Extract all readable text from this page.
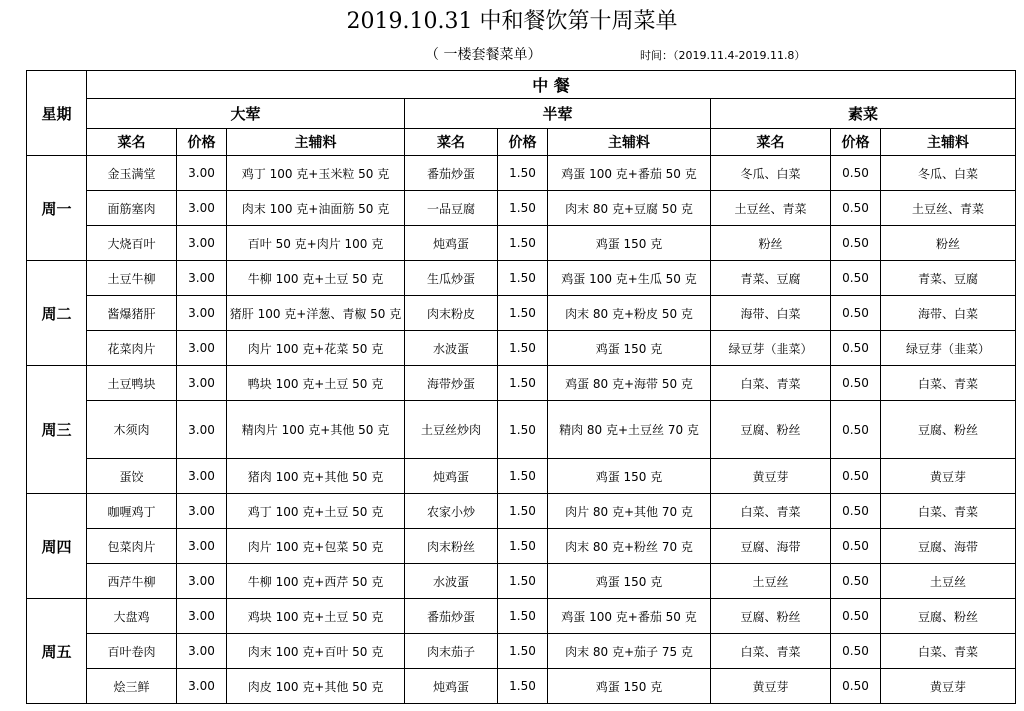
2019.10.31 中和餐饮第十周菜单
（ 一楼套餐菜单）	时间：（2019.11.4-2019.11.8）
星期	中 餐								
	大荤			半荤			素菜		
	菜名	价格	主辅料	菜名	价格	主辅料	菜名	价格	主辅料
周一	金玉满堂	3.00	鸡丁 100 克+玉米粒 50 克	番茄炒蛋	1.50	鸡蛋 100 克+番茄 50 克	冬瓜、白菜	0.50	冬瓜、白菜
	面筋塞肉	3.00	肉末 100 克+油面筋 50 克	一品豆腐	1.50	肉末 80 克+豆腐 50 克	土豆丝、青菜	0.50	土豆丝、青菜
	大烧百叶	3.00	百叶 50 克+肉片 100 克	炖鸡蛋	1.50	鸡蛋 150 克	粉丝	0.50	粉丝
周二	土豆牛柳	3.00	牛柳 100 克+土豆 50 克	生瓜炒蛋	1.50	鸡蛋 100 克+生瓜 50 克	青菜、豆腐	0.50	青菜、豆腐
	酱爆猪肝	3.00	猪肝 100 克+洋葱、青椒 50 克	肉末粉皮	1.50	肉末 80 克+粉皮 50 克	海带、白菜	0.50	海带、白菜
	花菜肉片	3.00	肉片 100 克+花菜 50 克	水波蛋	1.50	鸡蛋 150 克	绿豆芽（韭菜）	0.50	绿豆芽（韭菜）
周三	土豆鸭块	3.00	鸭块 100 克+土豆 50 克	海带炒蛋	1.50	鸡蛋 80 克+海带 50 克	白菜、青菜	0.50	白菜、青菜
	木须肉	3.00	精肉片 100 克+其他 50 克	土豆丝炒肉	1.50	精肉 80 克+土豆丝 70 克	豆腐、粉丝	0.50	豆腐、粉丝
	蛋饺	3.00	猪肉 100 克+其他 50 克	炖鸡蛋	1.50	鸡蛋 150 克	黄豆芽	0.50	黄豆芽
周四	咖喱鸡丁	3.00	鸡丁 100 克+土豆 50 克	农家小炒	1.50	肉片 80 克+其他 70 克	白菜、青菜	0.50	白菜、青菜
	包菜肉片	3.00	肉片 100 克+包菜 50 克	肉末粉丝	1.50	肉末 80 克+粉丝 70 克	豆腐、海带	0.50	豆腐、海带
	西芹牛柳	3.00	牛柳 100 克+西芹 50 克	水波蛋	1.50	鸡蛋 150 克	土豆丝	0.50	土豆丝
周五	大盘鸡	3.00	鸡块 100 克+土豆 50 克	番茄炒蛋	1.50	鸡蛋 100 克+番茄 50 克	豆腐、粉丝	0.50	豆腐、粉丝
	百叶卷肉	3.00	肉末 100 克+百叶 50 克	肉末茄子	1.50	肉末 80 克+茄子 75 克	白菜、青菜	0.50	白菜、青菜
	烩三鲜	3.00	肉皮 100 克+其他 50 克	炖鸡蛋	1.50	鸡蛋 150 克	黄豆芽	0.50	黄豆芽
